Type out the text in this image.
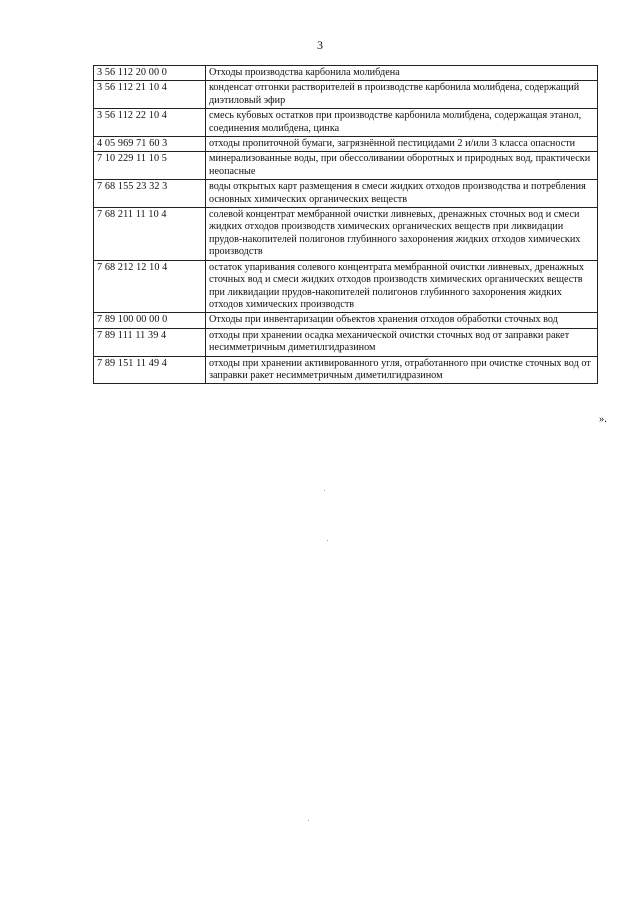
3
3 56 112 20 00 0	Отходы производства карбонила молибдена
3 56 112 21 10 4	конденсат отгонки растворителей в производстве карбонила молибдена, содержащий диэтиловый эфир
3 56 112 22 10 4	смесь кубовых остатков при производстве карбонила молибдена, содержащая этанол, соединения молибдена, цинка
4 05 969 71 60 3	отходы пропиточной бумаги, загрязнённой пестицидами 2 и/или 3 класса опасности
7 10 229 11 10 5	минерализованные воды, при обессоливании оборотных и природных вод, практически неопасные
7 68 155 23 32 3	воды открытых карт размещения в смеси жидких отходов производства и потребления основных химических органических веществ
7 68 211 11 10 4	солевой концентрат мембранной очистки ливневых, дренажных сточных вод и смеси жидких отходов производств химических органических веществ при ликвидации прудов-накопителей полигонов глубинного захоронения жидких отходов химических производств
7 68 212 12 10 4	остаток упаривания солевого концентрата мембранной очистки ливневых, дренажных сточных вод и смеси жидких отходов производств химических органических веществ при ликвидации прудов-накопителей полигонов глубинного захоронения жидких отходов химических производств
7 89 100 00 00 0	Отходы при инвентаризации объектов хранения отходов обработки сточных вод
7 89 111 11 39 4	отходы при хранении осадка механической очистки сточных вод от заправки ракет несимметричным диметилгидразином
7 89 151 11 49 4	отходы при хранении активированного угля, отработанного при очистке сточных вод от заправки ракет несимметричным диметилгидразином
».
